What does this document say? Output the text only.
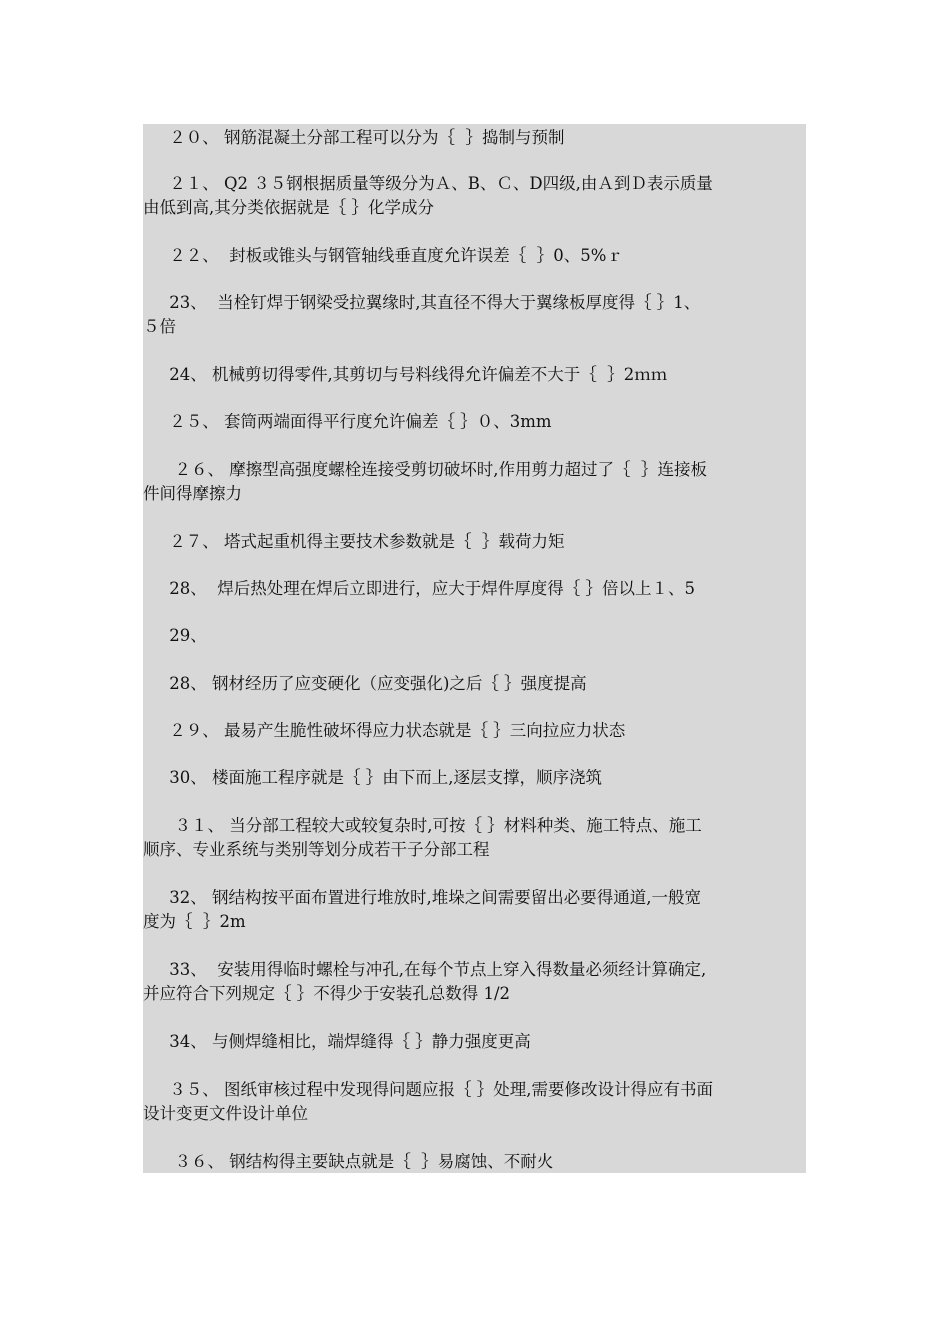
２０、 钢筋混凝土分部工程可以分为｛  ｝捣制与预制

２１、 Q2 ３５钢根据质量等级分为Ａ、B、Ｃ、D四级,由Ａ到Ｄ表示质量
由低到高,其分类依据就是｛ ｝化学成分

２２、  封板或锥头与钢管轴线垂直度允许误差｛  ｝0、5%ｒ

23、  当栓钉焊于钢梁受拉翼缘时,其直径不得大于翼缘板厚度得｛ ｝1、
５倍

24、 机械剪切得零件,其剪切与号料线得允许偏差不大于｛  ｝2ｍｍ

２５、 套筒两端面得平行度允许偏差｛ ｝０、3mm

２６、 摩擦型高强度螺栓连接受剪切破坏时,作用剪力超过了｛  ｝连接板
件间得摩擦力

２７、 塔式起重机得主要技术参数就是｛  ｝载荷力矩

28、  焊后热处理在焊后立即进行，应大于焊件厚度得｛ ｝倍以上１、5

29、

28、 钢材经历了应变硬化（应变强化)之后｛ ｝强度提高

２９、 最易产生脆性破坏得应力状态就是｛ ｝三向拉应力状态

30、 楼面施工程序就是｛ ｝由下而上,逐层支撑，顺序浇筑

３１、 当分部工程较大或较复杂时,可按｛ ｝材料种类、施工特点、施工
顺序、专业系统与类别等划分成若干子分部工程

32、 钢结构按平面布置进行堆放时,堆垛之间需要留出必要得通道,一般宽
度为｛  ｝2m

33、  安装用得临时螺栓与冲孔,在每个节点上穿入得数量必须经计算确定,
并应符合下列规定｛ ｝不得少于安装孔总数得 1/2

34、 与侧焊缝相比，端焊缝得｛ ｝静力强度更高

３５、 图纸审核过程中发现得问题应报｛ ｝处理,需要修改设计得应有书面
设计变更文件设计单位

３６、 钢结构得主要缺点就是｛  ｝易腐蚀、不耐火
